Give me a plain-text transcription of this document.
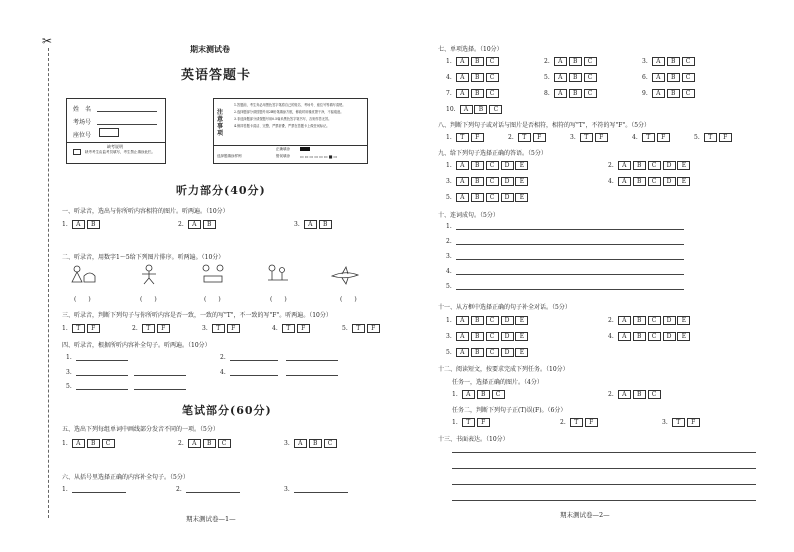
✂
期末测试卷
英语答题卡
姓　名
考场号
座位号
缺考说明
缺考考生由监考员填写，考生禁止填涂此栏。
注意事项
1.答题前，考生务必用黑色签字笔将自己的姓名、考场号、座位号等填写清楚。
2.选择题部分请按题号用2B铅笔填涂方框，修改时用橡皮擦干净，不留痕迹。
3.非选择题部分请按题号用0.5毫米黑色签字笔书写，否则作答无效。
4.保持答题卡清洁、完整，严禁折叠，严禁在答题卡上做任何标记。
选择题填涂样例
正确填涂
错误填涂	▭▭▭▭▭▭■▭
听力部分(40分)
一、听录音，选出与你所听内容相符的图片。听两遍。（10分）
1. A B	2. A B	3. A B
二、听录音，用数字1～5给下列图片排序。听两遍。（10分）
(　　)	(　　)	(　　)	(　　)	(　　)
三、听录音，判断下列句子与你所听内容是否一致，一致的写"T"，不一致的写"F"。听两遍。（10分）
1. T F	2. T F	3. T F	4. T F	5. T F
四、听录音，根据所听内容补全句子。听两遍。（10分）
1.	2.
3.	4.
5.
笔试部分(60分)
五、选出下列每组单词中画线部分发音不同的一项。（5分）
1. A B C	2. A B C	3. A B C
六、从括号里选择正确的内容补全句子。（5分）
1.	2.	3.
期末测试卷—1—
七、单项选择。（10分）
1. A B C	2. A B C	3. A B C
4. A B C	5. A B C	6. A B C
7. A B C	8. A B C	9. A B C
10. A B C
八、判断下列句子或对话与图片是否相符，相符的写"T"，不符的写"F"。（5分）
1. T F	2. T F	3. T F	4. T F	5. T F
九、给下列句子选择正确的答语。（5分）
1. A B C D E	2. A B C D E
3. A B C D E	4. A B C D E
5. A B C D E
十、连词成句。（5分）
1.
2.
3.
4.
5.
十一、从方框中选择正确的句子补全对话。（5分）
1. A B C D E	2. A B C D E
3. A B C D E	4. A B C D E
5. A B C D E
十二、阅读短文，按要求完成下列任务。（10分）
任务一，选择正确的图片。（4分）
1. A B C	2. A B C
任务二，判断下列句子正(T)误(F)。（6分）
1. T F	2. T F	3. T F
十三、书面表达。（10分）
期末测试卷—2—
